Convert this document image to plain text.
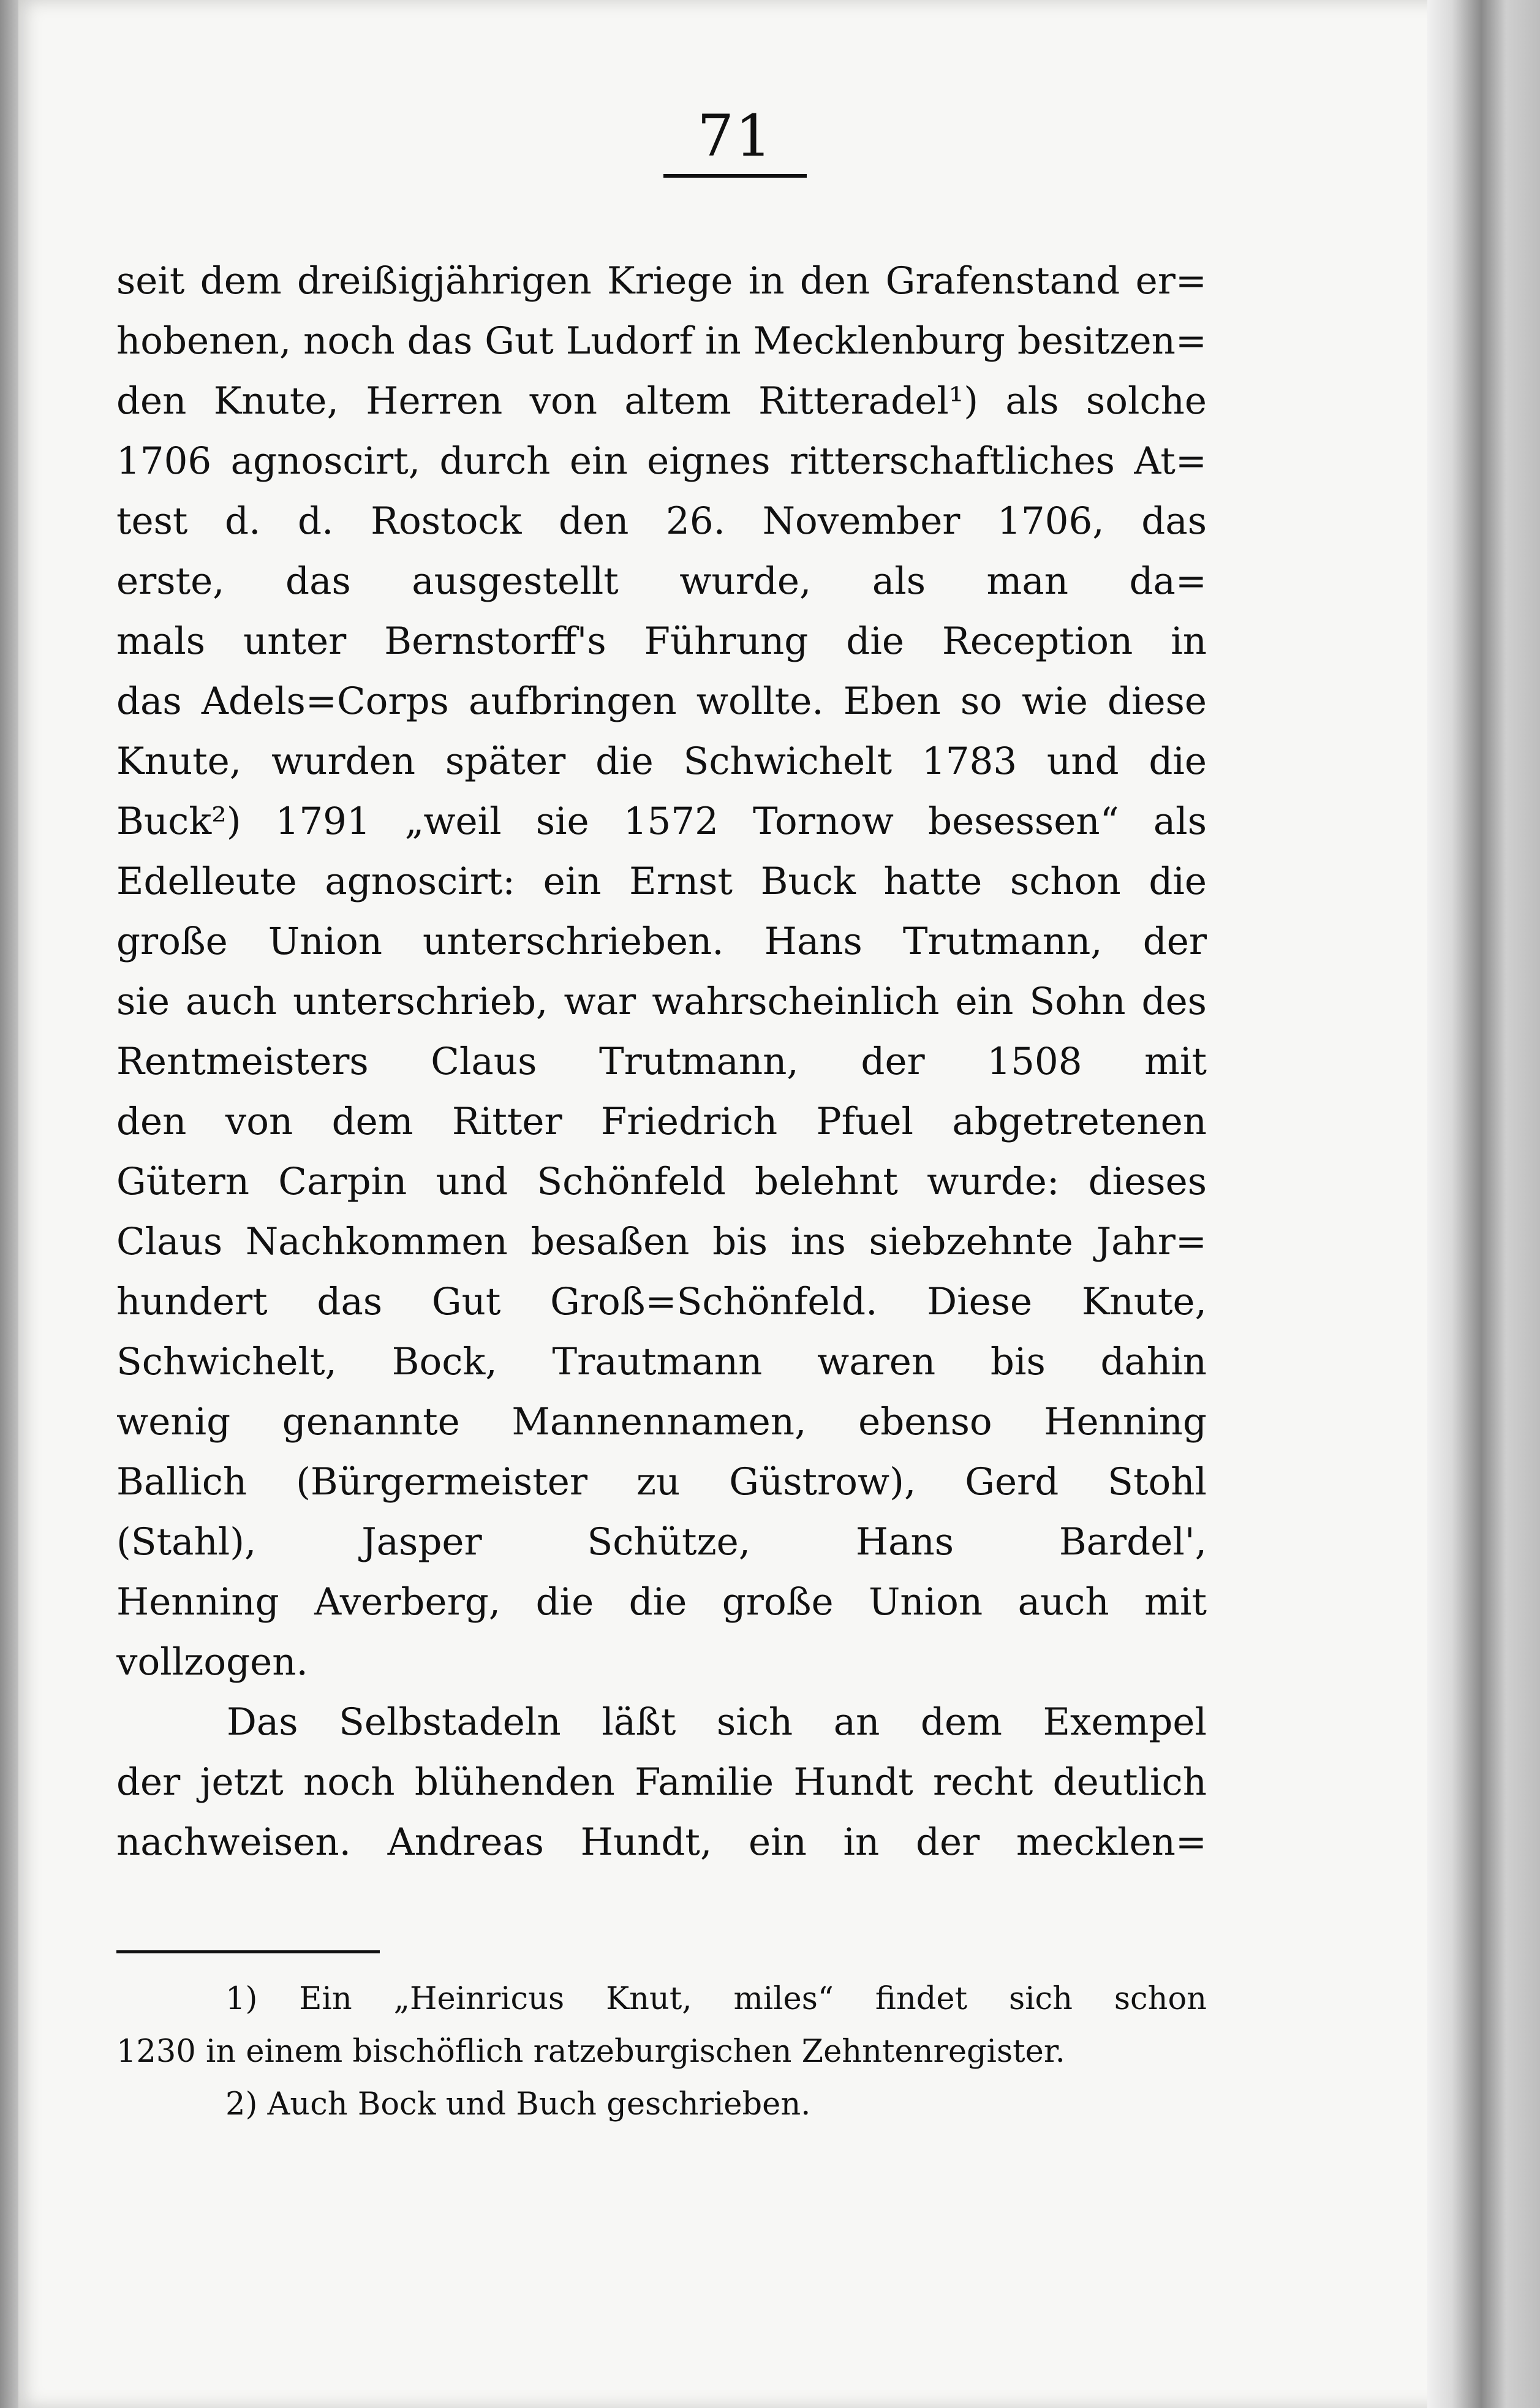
71
seit dem dreißigjährigen Kriege in den Grafenstand er=
hobenen, noch das Gut Ludorf in Mecklenburg besitzen=
den Knute, Herren von altem Ritteradel¹) als solche
1706 agnoscirt, durch ein eignes ritterschaftliches At=
test d. d. Rostock den 26. November 1706, das
erste, das ausgestellt wurde, als man da=
mals unter Bernstorff's Führung die Reception in
das Adels=Corps aufbringen wollte. Eben so wie diese
Knute, wurden später die Schwichelt 1783 und die
Buck²) 1791 „weil sie 1572 Tornow besessen“ als
Edelleute agnoscirt: ein Ernst Buck hatte schon die
große Union unterschrieben. Hans Trutmann, der
sie auch unterschrieb, war wahrscheinlich ein Sohn des
Rentmeisters Claus Trutmann, der 1508 mit
den von dem Ritter Friedrich Pfuel abgetretenen
Gütern Carpin und Schönfeld belehnt wurde: dieses
Claus Nachkommen besaßen bis ins siebzehnte Jahr=
hundert das Gut Groß=Schönfeld. Diese Knute,
Schwichelt, Bock, Trautmann waren bis dahin
wenig genannte Mannennamen, ebenso Henning
Ballich (Bürgermeister zu Güstrow), Gerd Stohl
(Stahl), Jasper Schütze, Hans Bardel',
Henning Averberg, die die große Union auch mit
vollzogen.
Das Selbstadeln läßt sich an dem Exempel
der jetzt noch blühenden Familie Hundt recht deutlich
nachweisen. Andreas Hundt, ein in der mecklen=
1) Ein „Heinricus Knut, miles“ findet sich schon
1230 in einem bischöflich ratzeburgischen Zehntenregister.
2) Auch Bock und Buch geschrieben.
